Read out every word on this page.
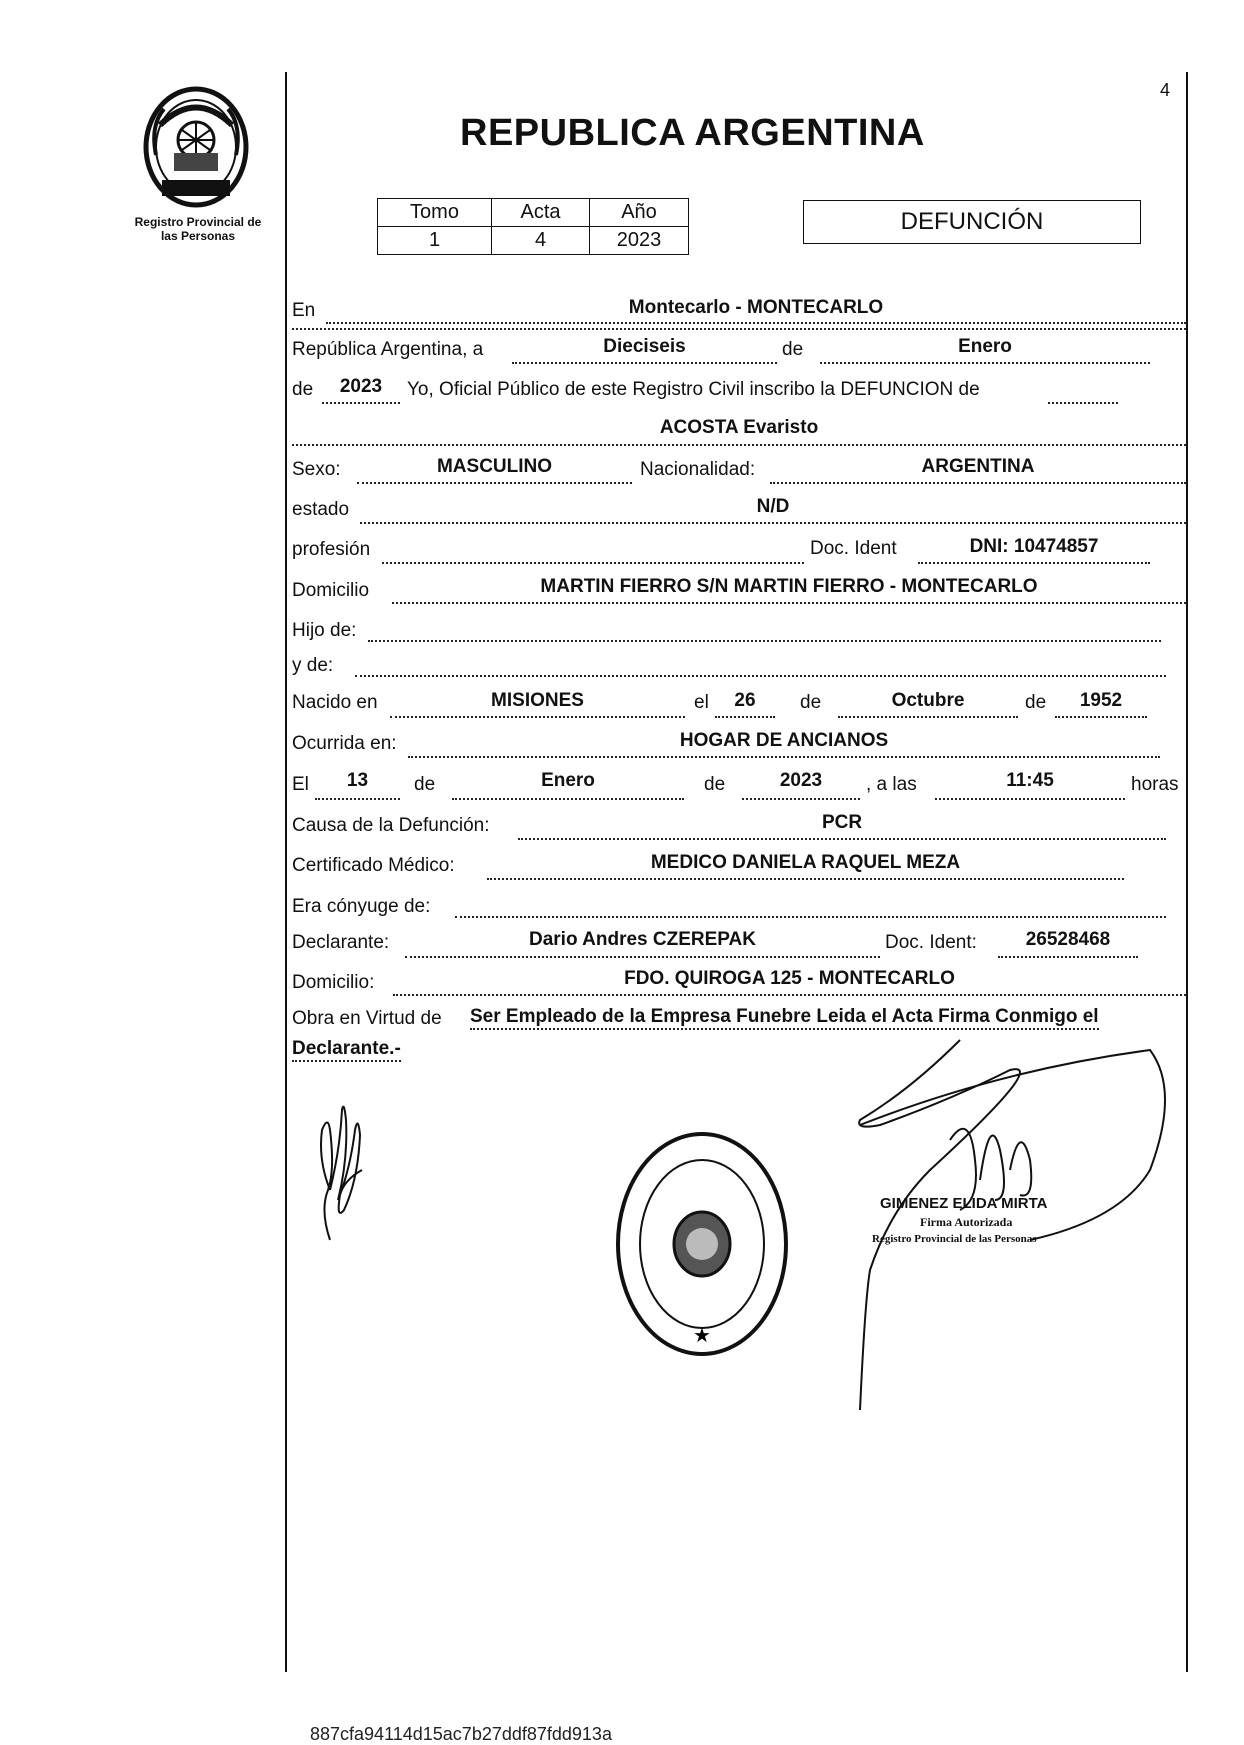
Registro Provincial de
las Personas
4
REPUBLICA ARGENTINA
Tomo	Acta	Año
1	4	2023
DEFUNCIÓN
En	Montecarlo - MONTECARLO
República Argentina, a	Dieciseis	de	Enero
de	2023	Yo, Oficial Público de este Registro Civil inscribo la DEFUNCION de
ACOSTA Evaristo
Sexo:	MASCULINO	Nacionalidad:	ARGENTINA
estado	N/D
profesión	Doc. Ident	DNI: 10474857
Domicilio	MARTIN FIERRO S/N MARTIN FIERRO - MONTECARLO
Hijo de:
y de:
Nacido en	MISIONES	el	26	de	Octubre	de	1952
Ocurrida en:	HOGAR DE ANCIANOS
El	13	de	Enero	de	2023	, a las	11:45	horas
Causa de la Defunción:	PCR
Certificado Médico:	MEDICO DANIELA RAQUEL MEZA
Era cónyuge de:
Declarante:	Dario Andres CZEREPAK	Doc. Ident:	26528468
Domicilio:	FDO. QUIROGA 125 - MONTECARLO
Obra en Virtud de Ser Empleado de la Empresa Funebre Leida el Acta Firma Conmigo el
Declarante.-
★
GIMENEZ ELIDA MIRTA
Firma Autorizada
Registro Provincial de las Personas
887cfa94114d15ac7b27ddf87fdd913a
